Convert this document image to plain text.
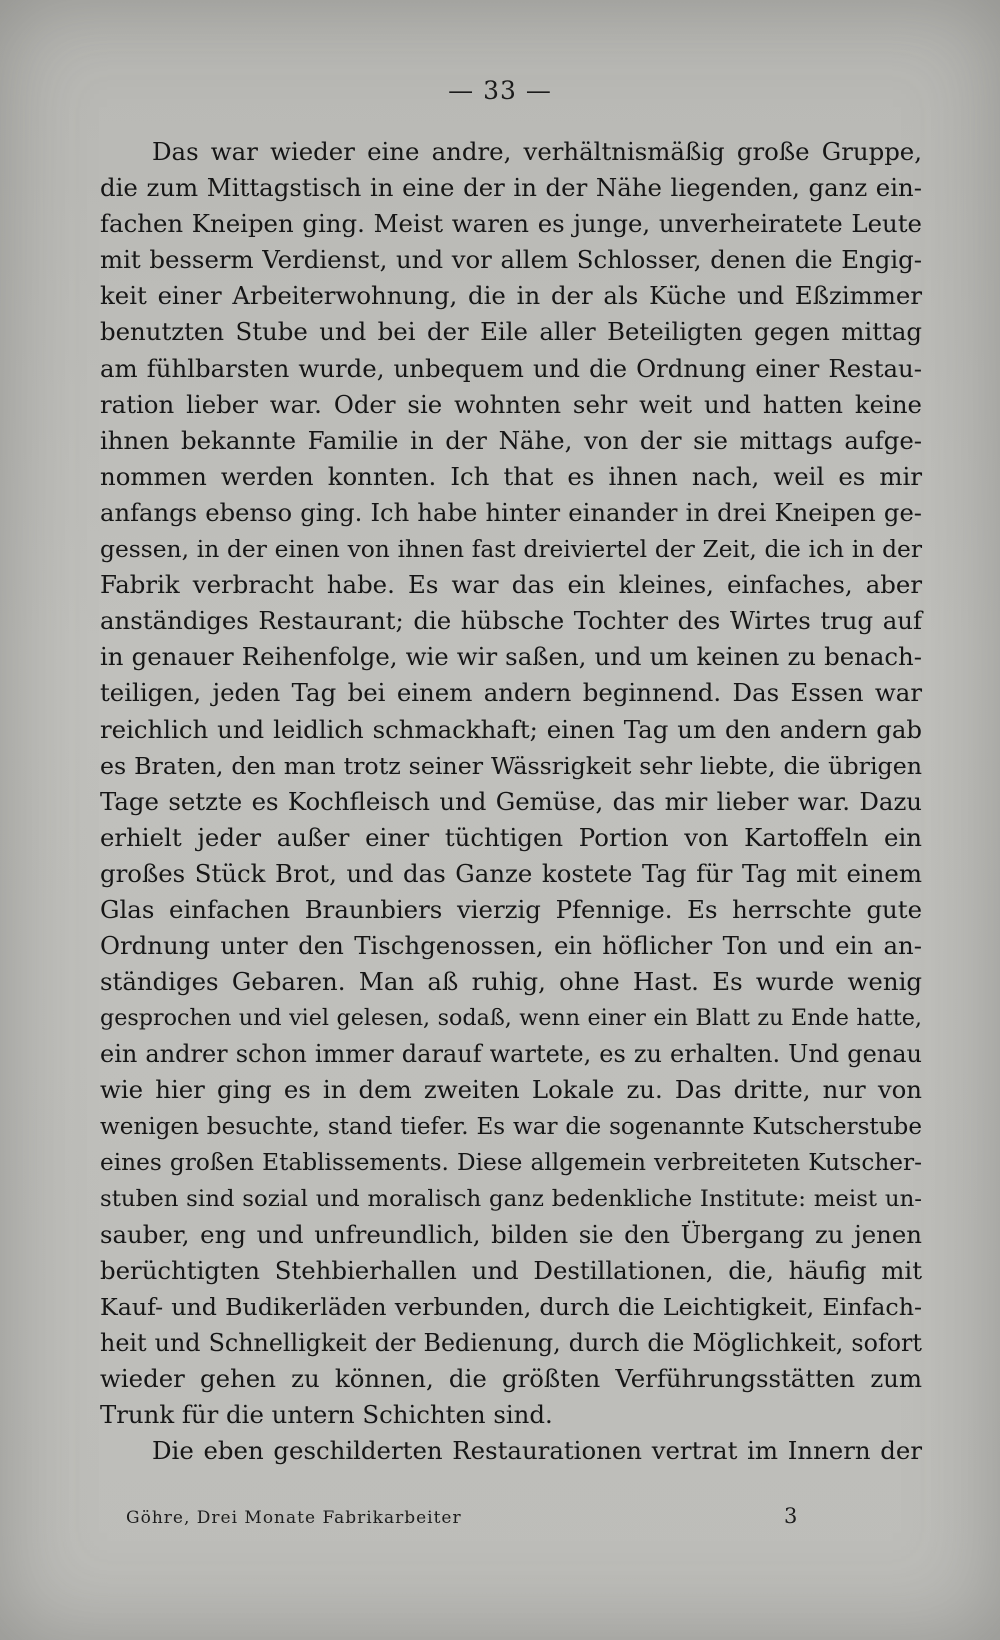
— 33 —
Das war wieder eine andre, verhältnismäßig große Gruppe,
die zum Mittagstisch in eine der in der Nähe liegenden, ganz ein-
fachen Kneipen ging. Meist waren es junge, unverheiratete Leute
mit besserm Verdienst, und vor allem Schlosser, denen die Engig-
keit einer Arbeiterwohnung, die in der als Küche und Eßzimmer
benutzten Stube und bei der Eile aller Beteiligten gegen mittag
am fühlbarsten wurde, unbequem und die Ordnung einer Restau-
ration lieber war. Oder sie wohnten sehr weit und hatten keine
ihnen bekannte Familie in der Nähe, von der sie mittags aufge-
nommen werden konnten. Ich that es ihnen nach, weil es mir
anfangs ebenso ging. Ich habe hinter einander in drei Kneipen ge-
gessen, in der einen von ihnen fast dreiviertel der Zeit, die ich in der
Fabrik verbracht habe. Es war das ein kleines, einfaches, aber
anständiges Restaurant; die hübsche Tochter des Wirtes trug auf
in genauer Reihenfolge, wie wir saßen, und um keinen zu benach-
teiligen, jeden Tag bei einem andern beginnend. Das Essen war
reichlich und leidlich schmackhaft; einen Tag um den andern gab
es Braten, den man trotz seiner Wässrigkeit sehr liebte, die übrigen
Tage setzte es Kochfleisch und Gemüse, das mir lieber war. Dazu
erhielt jeder außer einer tüchtigen Portion von Kartoffeln ein
großes Stück Brot, und das Ganze kostete Tag für Tag mit einem
Glas einfachen Braunbiers vierzig Pfennige. Es herrschte gute
Ordnung unter den Tischgenossen, ein höflicher Ton und ein an-
ständiges Gebaren. Man aß ruhig, ohne Hast. Es wurde wenig
gesprochen und viel gelesen, sodaß, wenn einer ein Blatt zu Ende hatte,
ein andrer schon immer darauf wartete, es zu erhalten. Und genau
wie hier ging es in dem zweiten Lokale zu. Das dritte, nur von
wenigen besuchte, stand tiefer. Es war die sogenannte Kutscherstube
eines großen Etablissements. Diese allgemein verbreiteten Kutscher-
stuben sind sozial und moralisch ganz bedenkliche Institute: meist un-
sauber, eng und unfreundlich, bilden sie den Übergang zu jenen
berüchtigten Stehbierhallen und Destillationen, die, häufig mit
Kauf- und Budikerläden verbunden, durch die Leichtigkeit, Einfach-
heit und Schnelligkeit der Bedienung, durch die Möglichkeit, sofort
wieder gehen zu können, die größten Verführungsstätten zum
Trunk für die untern Schichten sind.
Die eben geschilderten Restaurationen vertrat im Innern der
Göhre, Drei Monate Fabrikarbeiter	3
